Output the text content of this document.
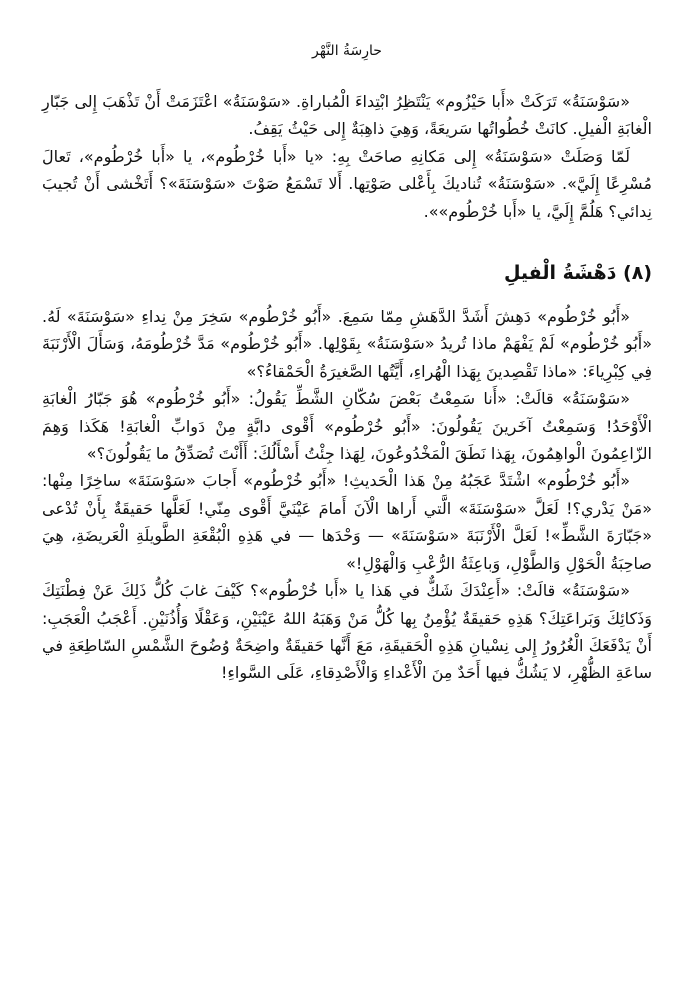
حارِسَةُ النَّهْر

«سَوْسَنَةُ» تَرَكَتْ «أَبا حَيْزُوم» يَنْتَظِرُ ابْتِداءَ الْمُباراةِ. «سَوْسَنَةُ» اعْتَزَمَتْ أَنْ تَذْهَبَ إِلى جَبّارِ الْغابَةِ الْفيلِ. كانَتْ خُطُواتُها سَريعَةً، وَهِيَ ذاهِبَةٌ إِلى حَيْثُ يَقِفُ.

لَمّا وَصَلَتْ «سَوْسَنَةُ» إِلى مَكانِهِ صاحَتْ بِهِ: «يا «أَبا خُرْطُوم»، يا «أَبا خُرْطُوم»، تَعالَ مُسْرِعًا إِلَيَّ». «سَوْسَنَةُ» تُناديكَ بِأَعْلى صَوْتِها. أَلا تَسْمَعُ صَوْتَ «سَوْسَنَةَ»؟ أَتَخْشى أَنْ تُجيبَ نِدائي؟ هَلُمَّ إِلَيَّ، يا «أَبا خُرْطُوم»».

(٨) دَهْشَةُ الْفيلِ

«أَبُو خُرْطُوم» دَهِشَ أَشَدَّ الدَّهَشِ مِمّا سَمِعَ. «أَبُو خُرْطُوم» سَخِرَ مِنْ نِداءِ «سَوْسَنَةَ» لَهُ. «أَبُو خُرْطُوم» لَمْ يَفْهَمْ ماذا تُريدُ «سَوْسَنَةُ» بِقَوْلِها. «أَبُو خُرْطُوم» مَدَّ خُرْطُومَهُ، وَسَأَلَ الْأَرْنَبَةَ فِي كِبْرِياءَ: «ماذا تَقْصِدينَ بِهَذا الْهُراءِ، أَيَّتُها الصَّغيرَةُ الْحَمْقاءُ؟»

«سَوْسَنَةُ» قالَتْ: «أَنا سَمِعْتُ بَعْضَ سُكّانِ الشَّطِّ يَقُولُ: «أَبُو خُرْطُوم» هُوَ جَبّارُ الْغابَةِ الْأَوْحَدُ! وَسَمِعْتُ آخَرينَ يَقُولُونَ: «أَبُو خُرْطُوم» أَقْوى دابَّةٍ مِنْ دَوابِّ الْغابَةِ! هَكَذا وَهِمَ الزّاعِمُونَ الْواهِمُونَ، بِهَذا نَطَقَ الْمَخْدُوعُونَ، لِهَذا جِئْتُ أَسْأَلُكَ: أَأَنْتَ تُصَدِّقُ ما يَقُولُونَ؟»

«أَبُو خُرْطُوم» اشْتَدَّ عَجَبُهُ مِنْ هَذا الْحَديثِ! «أَبُو خُرْطُوم» أَجابَ «سَوْسَنَةَ» ساخِرًا مِنْها: «مَنْ يَدْري؟! لَعَلَّ «سَوْسَنَةَ» الَّتي أَراها الْآنَ أَمامَ عَيْنَيَّ أَقْوى مِنّي! لَعَلَّها حَقيقَةٌ بِأَنْ تُدْعى «جَبّارَةَ الشَّطِّ»! لَعَلَّ الْأَرْنَبَةَ «سَوْسَنَةَ» — وَحْدَها — في هَذِهِ الْبُقْعَةِ الطَّويلَةِ الْعَريضَةِ، هِيَ صاحِبَةُ الْحَوْلِ وَالطَّوْلِ، وَباعِثَةُ الرُّعْبِ وَالْهَوْلِ!»

«سَوْسَنَةُ» قالَتْ: «أَعِنْدَكَ شَكٌّ في هَذا يا «أَبا خُرْطُوم»؟ كَيْفَ غابَ كُلُّ ذَلِكَ عَنْ فِطْنَتِكَ وَذَكائِكَ وَبَراعَتِكَ؟ هَذِهِ حَقيقَةٌ يُؤْمِنُ بِها كُلُّ مَنْ وَهَبَهُ اللهُ عَيْنَيْنِ، وَعَقْلًا وَأُذُنَيْنِ. أَعْجَبُ الْعَجَبِ: أَنْ يَدْفَعَكَ الْغُرُورُ إِلى نِسْيانِ هَذِهِ الْحَقيقَةِ، مَعَ أَنَّها حَقيقَةٌ واضِحَةٌ وُضُوحَ الشَّمْسِ السّاطِعَةِ في ساعَةِ الظُّهْرِ، لا يَشُكُّ فيها أَحَدٌ مِنَ الْأَعْداءِ وَالْأَصْدِقاءِ، عَلَى السَّواءِ!
